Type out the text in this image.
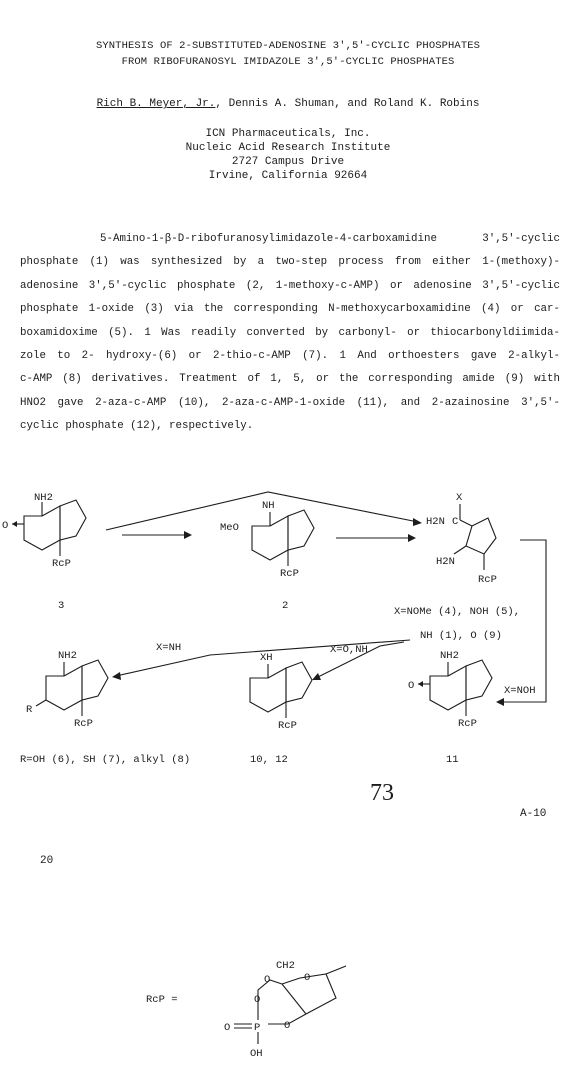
SYNTHESIS OF 2-SUBSTITUTED-ADENOSINE 3',5'-CYCLIC PHOSPHATES
FROM RIBOFURANOSYL IMIDAZOLE 3',5'-CYCLIC PHOSPHATES
Rich B. Meyer, Jr., Dennis A. Shuman, and Roland K. Robins
ICN Pharmaceuticals, Inc.
Nucleic Acid Research Institute
2727 Campus Drive
Irvine, California 92664
5-Amino-1-β-D-ribofuranosylimidazole-4-carboxamidine 3',5'-cyclic
phosphate (1) was synthesized by a two-step process from either 1-(methoxy)-
adenosine 3',5'-cyclic phosphate (2, 1-methoxy-c-AMP) or adenosine 3',5'-cyclic
phosphate 1-oxide (3) via the corresponding N-methoxycarboxamidine (4) or car-
boxamidoxime (5). 1 Was readily converted by carbonyl- or thiocarbonyldiimida-
zole to 2- hydroxy-(6) or 2-thio-c-AMP (7). 1 And orthoesters gave 2-alkyl-
c-AMP (8) derivatives. Treatment of 1, 5, or the corresponding amide (9) with
HNO2 gave 2-aza-c-AMP (10), 2-aza-c-AMP-1-oxide (11), and 2-azainosine 3',5'-
cyclic phosphate (12), respectively.
NH2
O
RcP
3
NH
MeO
RcP
2
X
H2N C
H2N
RcP
X=NOMe (4), NOH (5),
NH (1), O (9)
X=NH	X=O,NH
X=NOH
NH2
R
RcP
R=OH (6), SH (7), alkyl (8)
XH
RcP
10, 12
NH2
O
RcP
11
73
A-10
20
RcP =
CH2
O	O
O
O P O
OH
